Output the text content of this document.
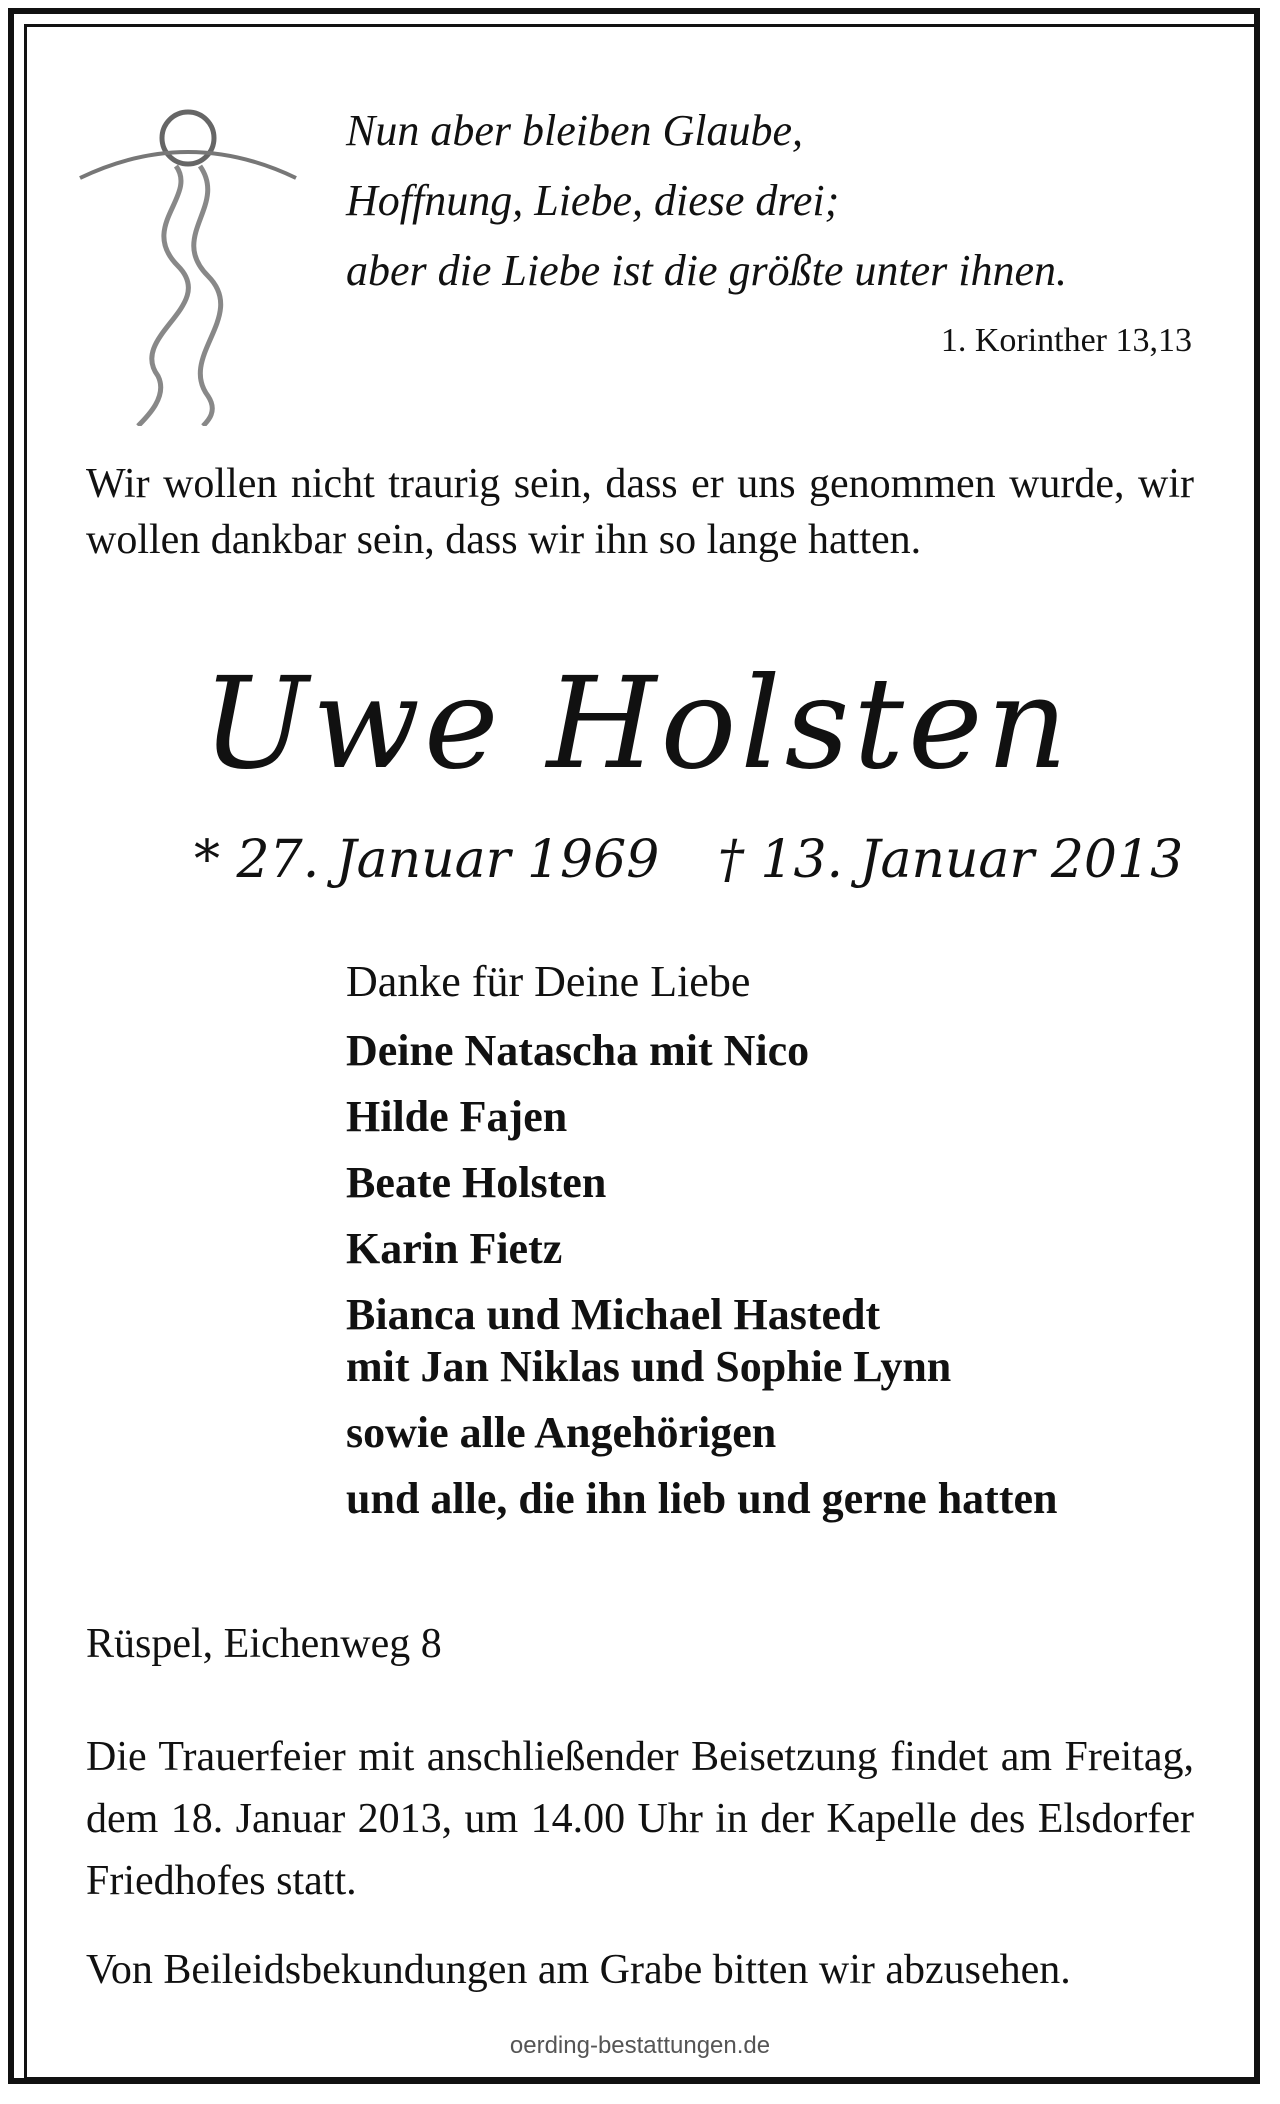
Nun aber bleiben Glaube,
Hoffnung, Liebe, diese drei;
aber die Liebe ist die größte unter ihnen.
1. Korinther 13,13
Wir wollen nicht traurig sein, dass er uns genommen wurde, wir wollen dankbar sein, dass wir ihn so lange hatten.
Uwe Holsten
* 27. Januar 1969 † 13. Januar 2013
Danke für Deine Liebe
Deine Natascha mit Nico
Hilde Fajen
Beate Holsten
Karin Fietz
Bianca und Michael Hastedt
mit Jan Niklas und Sophie Lynn
sowie alle Angehörigen
und alle, die ihn lieb und gerne hatten
Rüspel, Eichenweg 8
Die Trauerfeier mit anschließender Beisetzung findet am Freitag, dem 18. Januar 2013, um 14.00 Uhr in der Kapelle des Elsdorfer Friedhofes statt.
Von Beileidsbekundungen am Grabe bitten wir abzusehen.
oerding-bestattungen.de
